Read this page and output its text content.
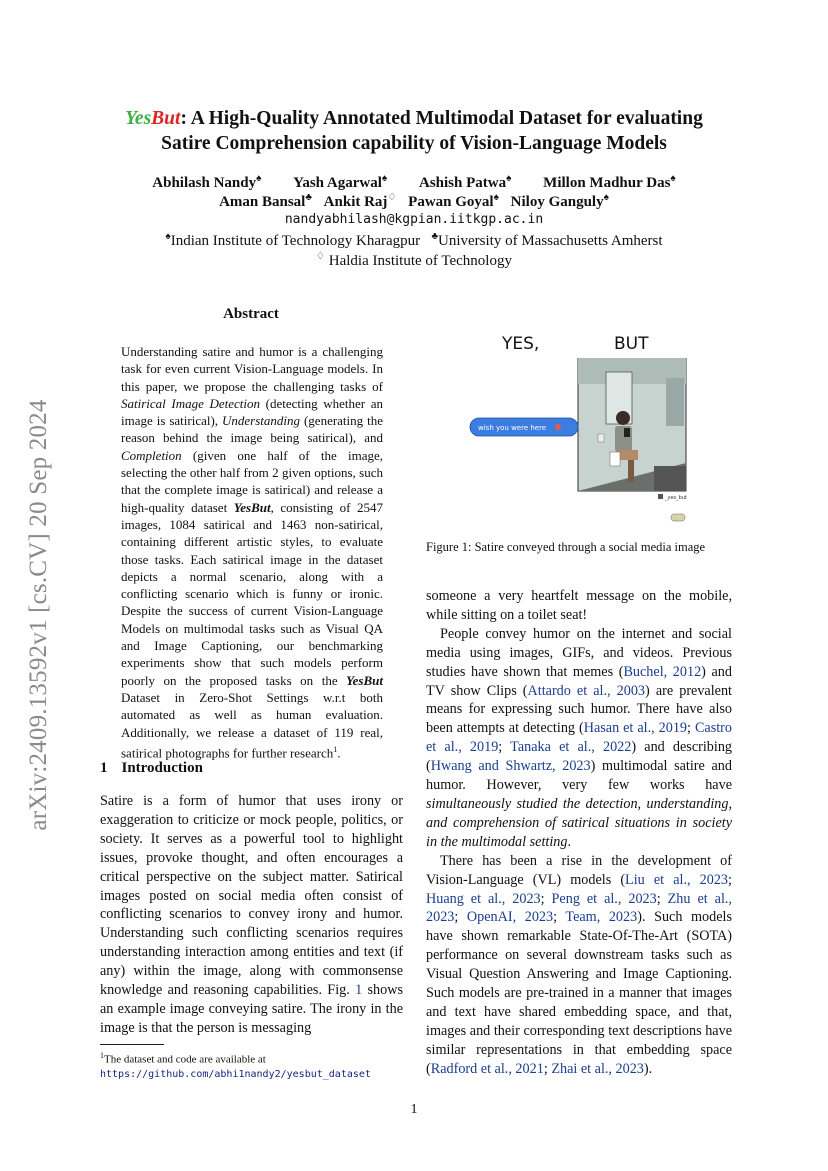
arXiv:2409.13592v1 [cs.CV] 20 Sep 2024
YesBut: A High-Quality Annotated Multimodal Dataset for evaluating
Satire Comprehension capability of Vision-Language Models
Abhilash Nandy♠ Yash Agarwal♠ Ashish Patwa♠ Millon Madhur Das♠
Aman Bansal♣ Ankit Raj♢ Pawan Goyal♠ Niloy Ganguly♠
nandyabhilash@kgpian.iitkgp.ac.in
♠Indian Institute of Technology Kharagpur ♣University of Massachusetts Amherst
♢ Haldia Institute of Technology
Abstract
Understanding satire and humor is a challenging task for even current Vision-Language models. In this paper, we propose the challenging tasks of Satirical Image Detection (detecting whether an image is satirical), Understanding (generating the reason behind the image being satirical), and Completion (given one half of the image, selecting the other half from 2 given options, such that the complete image is satirical) and release a high-quality dataset YesBut, consisting of 2547 images, 1084 satirical and 1463 non-satirical, containing different artistic styles, to evaluate those tasks. Each satirical image in the dataset depicts a normal scenario, along with a conflicting scenario which is funny or ironic. Despite the success of current Vision-Language Models on multimodal tasks such as Visual QA and Image Captioning, our benchmarking experiments show that such models perform poorly on the proposed tasks on the YesBut Dataset in Zero-Shot Settings w.r.t both automated as well as human evaluation. Additionally, we release a dataset of 119 real, satirical photographs for further research$^1$.
1 Introduction
Satire is a form of humor that uses irony or exaggeration to criticize or mock people, politics, or society. It serves as a powerful tool to highlight issues, provoke thought, and often encourages a critical perspective on the subject matter. Satirical images posted on social media often consist of conflicting scenarios to convey irony and humor. Understanding such conflicting scenarios requires understanding interaction among entities and text (if any) within the image, along with commonsense knowledge and reasoning capabilities. Fig. 1 shows an example image conveying satire. The irony in the image is that the person is messaging
$^1$The dataset and code are available at https://github.com/abhi1nandy2/yesbut_dataset
YES,	BUT
wish you were here
_yes_but
Figure 1: Satire conveyed through a social media image

someone a very heartfelt message on the mobile, while sitting on a toilet seat!

People convey humor on the internet and social media using images, GIFs, and videos. Previous studies have shown that memes (Buchel, 2012) and TV show Clips (Attardo et al., 2003) are prevalent means for expressing such humor. There have also been attempts at detecting (Hasan et al., 2019; Castro et al., 2019; Tanaka et al., 2022) and describing (Hwang and Shwartz, 2023) multimodal satire and humor. However, very few works have simultaneously studied the detection, understanding, and comprehension of satirical situations in society in the multimodal setting.

There has been a rise in the development of Vision-Language (VL) models (Liu et al., 2023; Huang et al., 2023; Peng et al., 2023; Zhu et al., 2023; OpenAI, 2023; Team, 2023). Such models have shown remarkable State-Of-The-Art (SOTA) performance on several downstream tasks such as Visual Question Answering and Image Captioning. Such models are pre-trained in a manner that images and text have shared embedding space, and that, images and their corresponding text descriptions have similar representations in that embedding space (Radford et al., 2021; Zhai et al., 2023).

1
